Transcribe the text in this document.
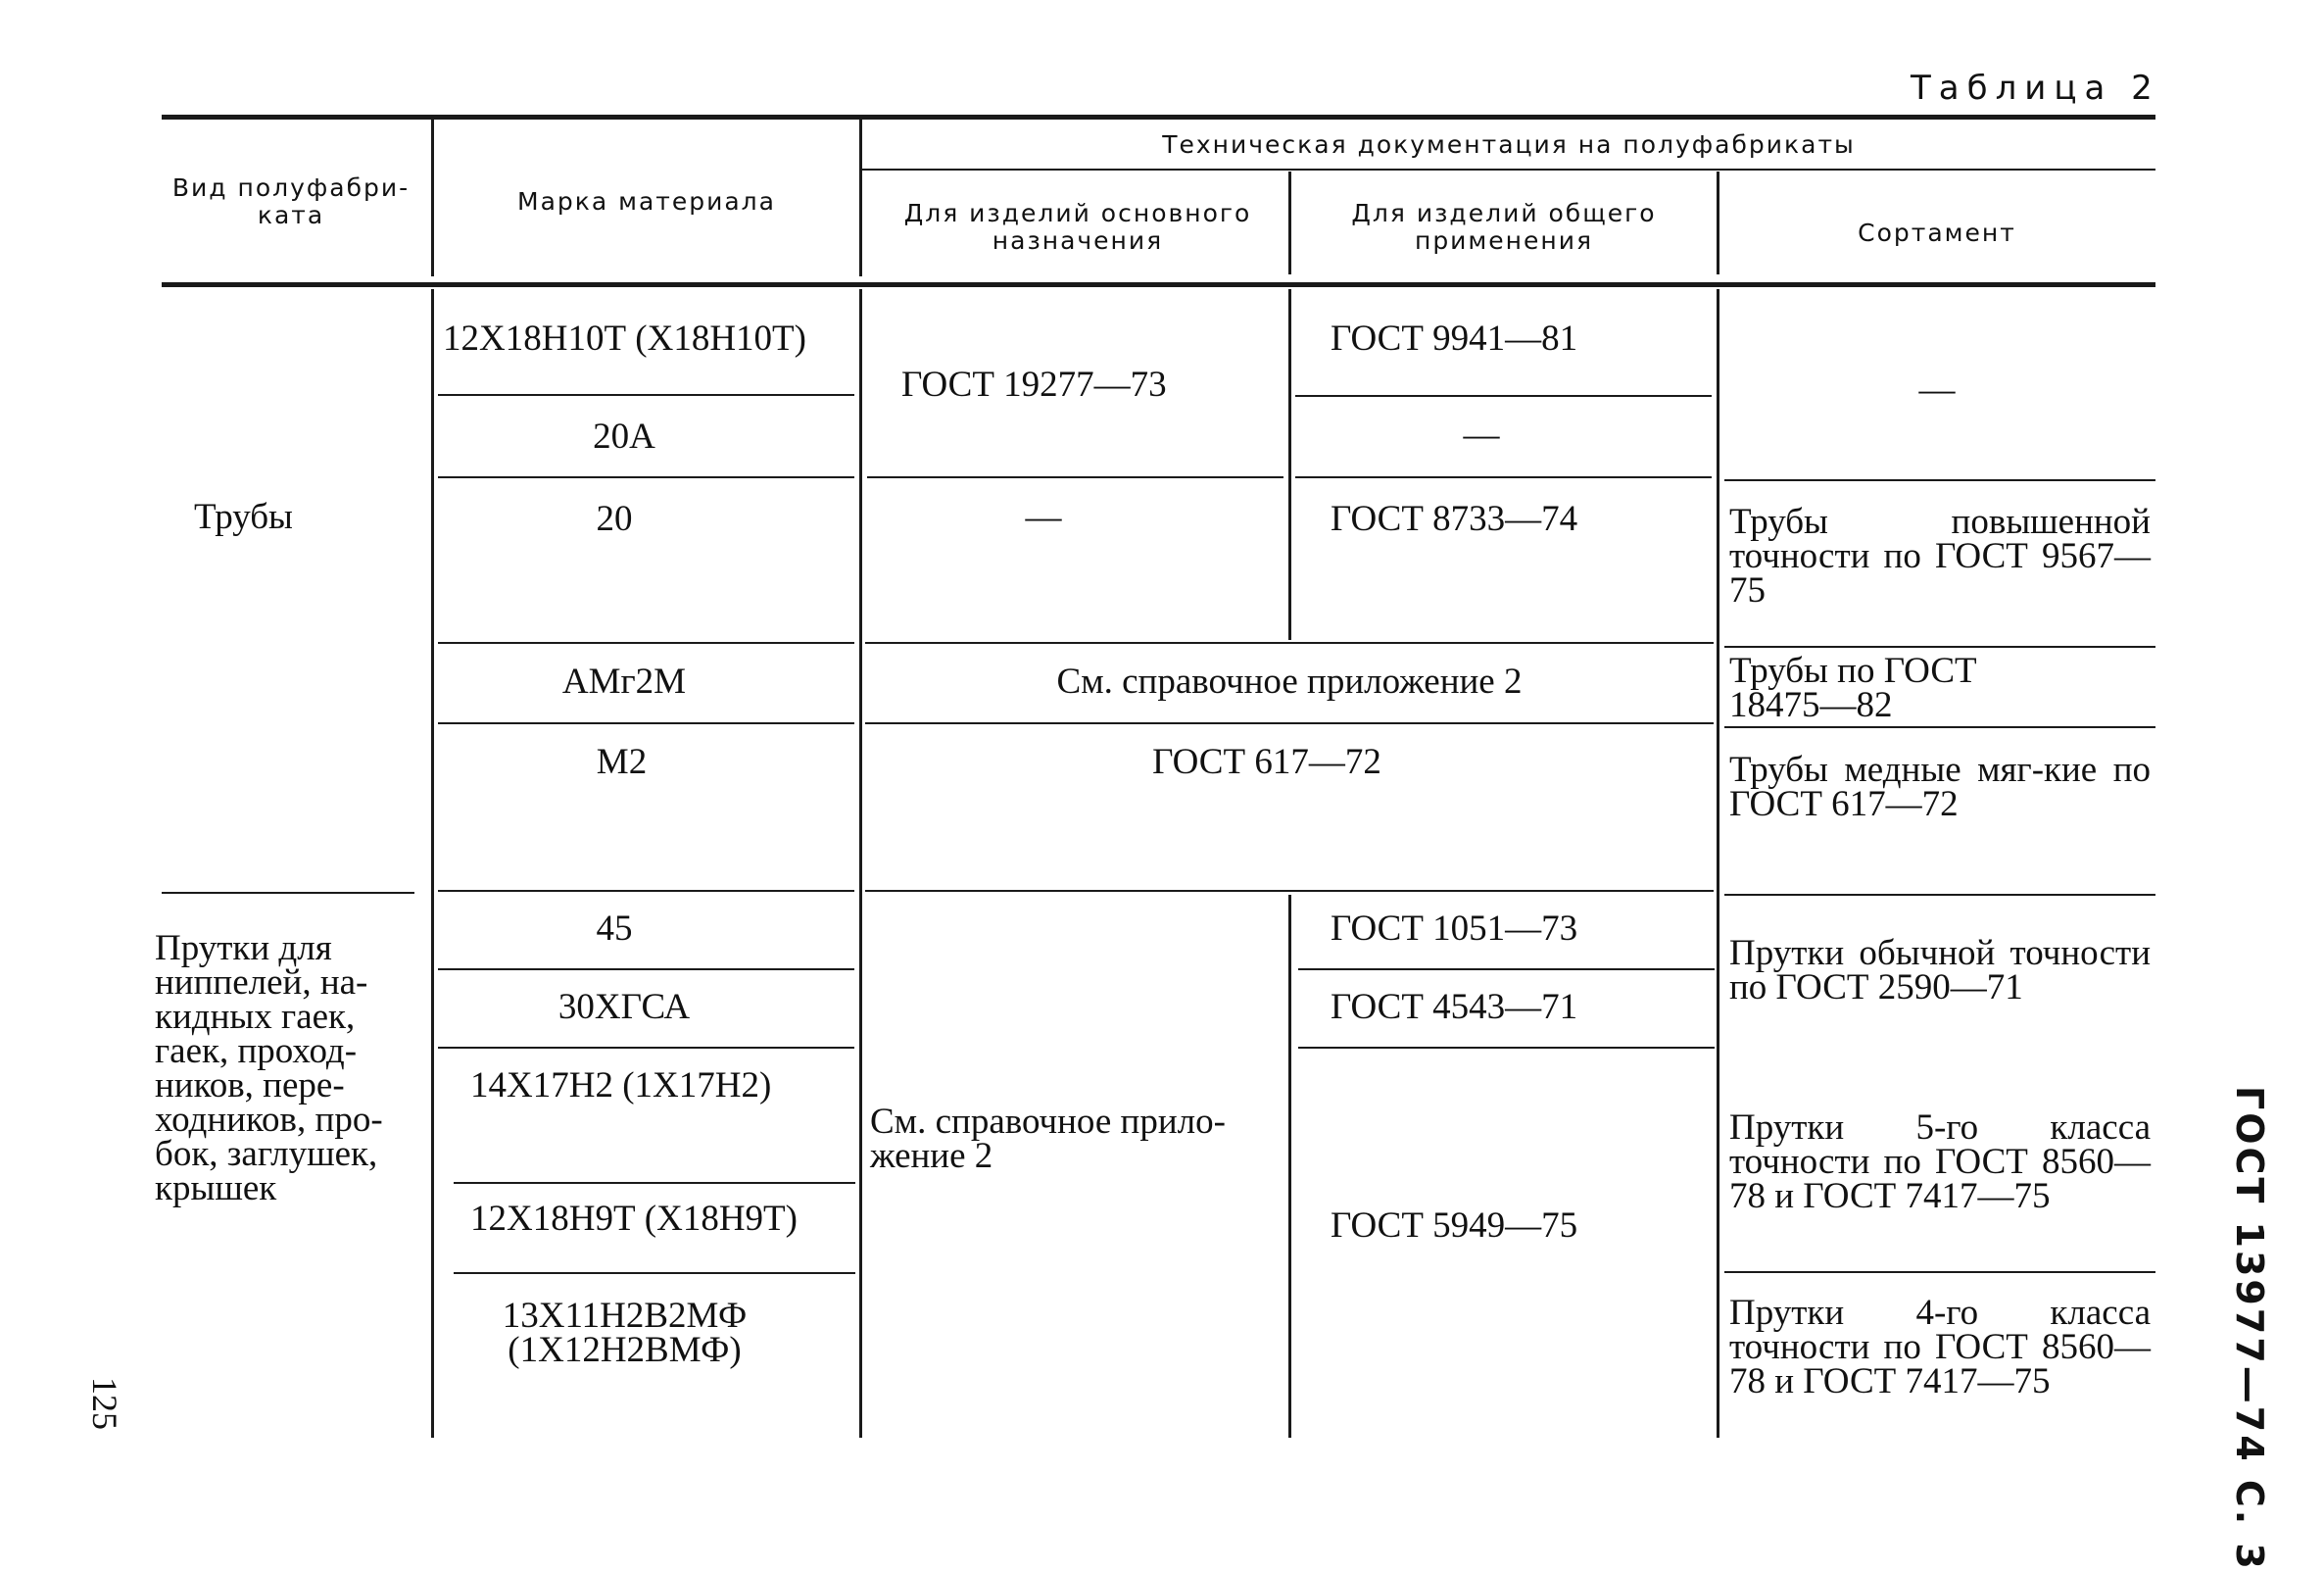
Таблица 2
ГОСТ 13977—74 С. 3
125
Вид полуфабри-ката	Марка материала
Техническая документация на полуфабрикаты
Для изделий основного назначения
Для изделий общего применения	Сортамент
Трубы
12Х18Н10Т (Х18Н10Т)
20А
20
АМг2М
М2
ГОСТ 19277—73
—
ГОСТ 9941—81
—
ГОСТ 8733—74
См. справочное приложение 2
ГОСТ 617—72
—
Трубы повышенной точности по ГОСТ 9567—75
Трубы по ГОСТ 18475—82
Трубы медные мяг-кие по ГОСТ 617—72
Прутки для ниппелей, на-кидных гаек, гаек, проход-ников, пере-ходников, про-бок, заглушек, крышек
45
30ХГСА
14Х17Н2 (1Х17Н2)
12Х18Н9Т (Х18Н9Т)
13Х11Н2В2МФ (1Х12Н2ВМФ)
См. справочное прило-жение 2
ГОСТ 1051—73
ГОСТ 4543—71
ГОСТ 5949—75
Прутки обычной точности по ГОСТ 2590—71
Прутки 5-го класса точности по ГОСТ 8560—78 и ГОСТ 7417—75
Прутки 4-го класса точности по ГОСТ 8560—78 и ГОСТ 7417—75
